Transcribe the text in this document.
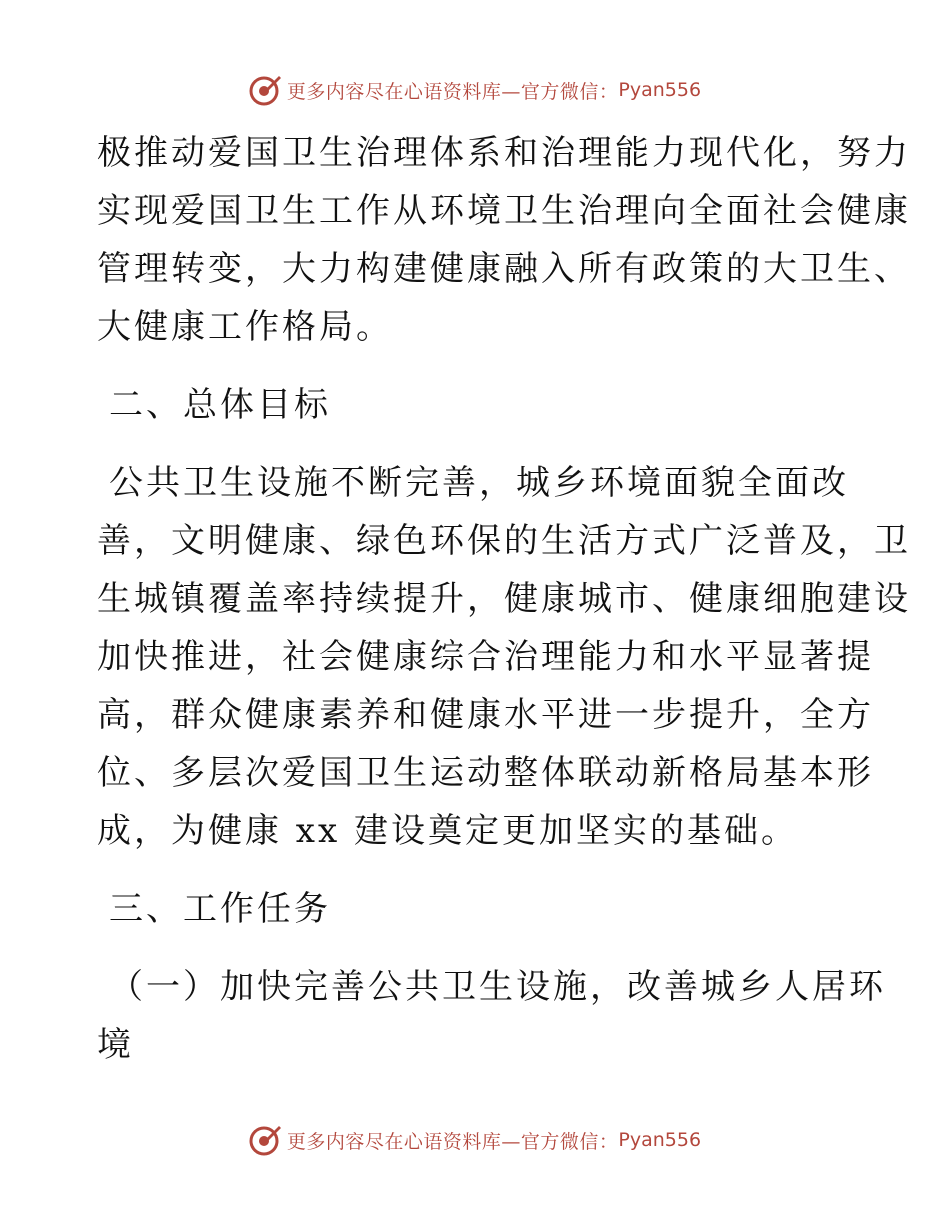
更多内容尽在心语资料库—官方微信： Pyan556
极推动爱国卫生治理体系和治理能力现代化，努力
实现爱国卫生工作从环境卫生治理向全面社会健康
管理转变，大力构建健康融入所有政策的大卫生、
大健康工作格局。
二、总体目标
公共卫生设施不断完善，城乡环境面貌全面改
善，文明健康、绿色环保的生活方式广泛普及，卫
生城镇覆盖率持续提升，健康城市、健康细胞建设
加快推进，社会健康综合治理能力和水平显著提
高，群众健康素养和健康水平进一步提升，全方
位、多层次爱国卫生运动整体联动新格局基本形
成，为健康 xx 建设奠定更加坚实的基础。
三、工作任务
（一）加快完善公共卫生设施，改善城乡人居环
境
更多内容尽在心语资料库—官方微信： Pyan556
